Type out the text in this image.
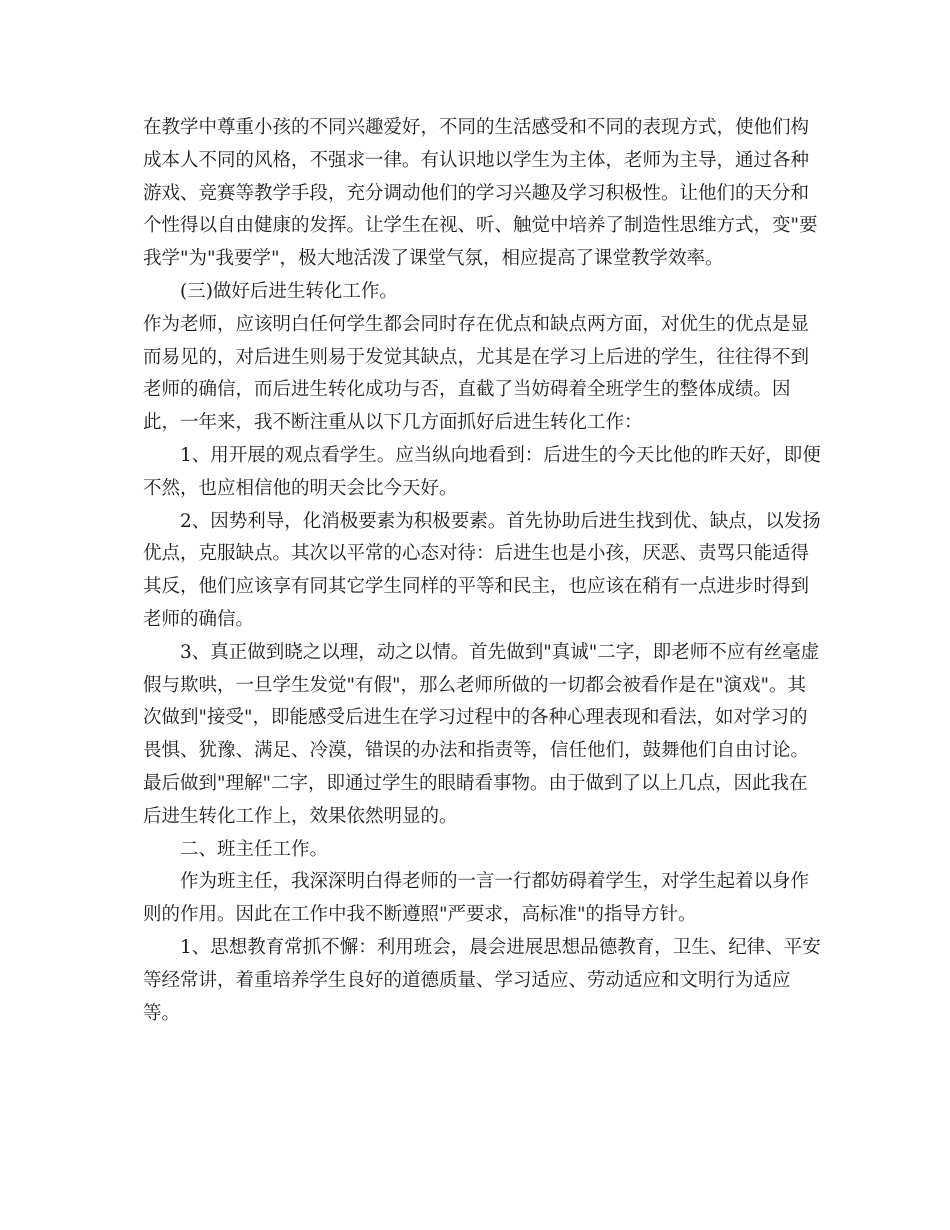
在教学中尊重小孩的不同兴趣爱好，不同的生活感受和不同的表现方式，使他们构成本人不同的风格，不强求一律。有认识地以学生为主体，老师为主导，通过各种游戏、竞赛等教学手段，充分调动他们的学习兴趣及学习积极性。让他们的天分和个性得以自由健康的发挥。让学生在视、听、触觉中培养了制造性思维方式，变"要我学"为"我要学"，极大地活泼了课堂气氛，相应提高了课堂教学效率。

(三)做好后进生转化工作。

作为老师，应该明白任何学生都会同时存在优点和缺点两方面，对优生的优点是显而易见的，对后进生则易于发觉其缺点，尤其是在学习上后进的学生，往往得不到老师的确信，而后进生转化成功与否，直截了当妨碍着全班学生的整体成绩。因此，一年来，我不断注重从以下几方面抓好后进生转化工作：

1、用开展的观点看学生。应当纵向地看到：后进生的今天比他的昨天好，即便不然，也应相信他的明天会比今天好。

2、因势利导，化消极要素为积极要素。首先协助后进生找到优、缺点，以发扬优点，克服缺点。其次以平常的心态对待：后进生也是小孩，厌恶、责骂只能适得其反，他们应该享有同其它学生同样的平等和民主，也应该在稍有一点进步时得到老师的确信。

3、真正做到晓之以理，动之以情。首先做到"真诚"二字，即老师不应有丝毫虚假与欺哄，一旦学生发觉"有假"，那么老师所做的一切都会被看作是在"演戏"。其次做到"接受"，即能感受后进生在学习过程中的各种心理表现和看法，如对学习的畏惧、犹豫、满足、冷漠，错误的办法和指责等，信任他们，鼓舞他们自由讨论。最后做到"理解"二字，即通过学生的眼睛看事物。由于做到了以上几点，因此我在后进生转化工作上，效果依然明显的。

二、班主任工作。

作为班主任，我深深明白得老师的一言一行都妨碍着学生，对学生起着以身作则的作用。因此在工作中我不断遵照"严要求，高标准"的指导方针。

1、思想教育常抓不懈：利用班会，晨会进展思想品德教育，卫生、纪律、平安等经常讲，着重培养学生良好的道德质量、学习适应、劳动适应和文明行为适应等。
